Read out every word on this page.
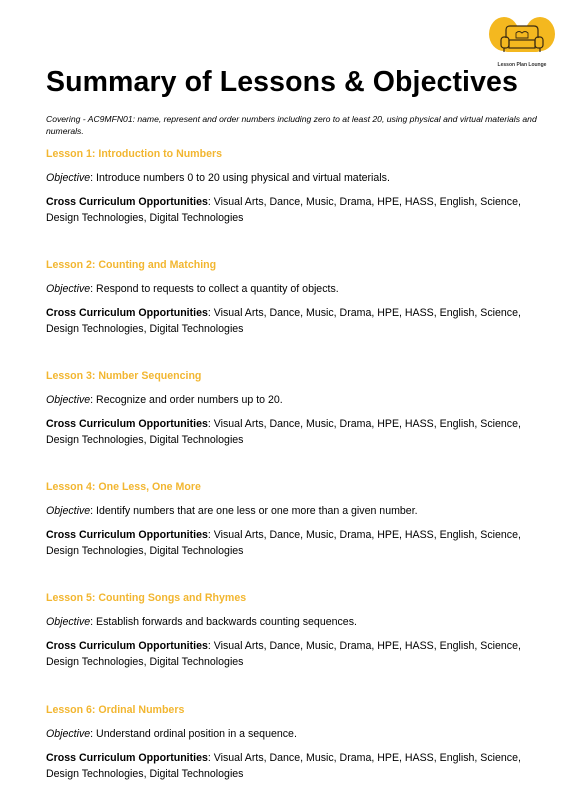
Lesson Plan Lounge
Summary of Lessons & Objectives
Covering - AC9MFN01: name, represent and order numbers including zero to at least 20, using physical and virtual materials and numerals.
Lesson 1: Introduction to Numbers
Objective: Introduce numbers 0 to 20 using physical and virtual materials.
Cross Curriculum Opportunities: Visual Arts, Dance, Music, Drama, HPE, HASS, English, Science, Design Technologies, Digital Technologies
Lesson 2: Counting and Matching
Objective: Respond to requests to collect a quantity of objects.
Cross Curriculum Opportunities: Visual Arts, Dance, Music, Drama, HPE, HASS, English, Science, Design Technologies, Digital Technologies
Lesson 3: Number Sequencing
Objective: Recognize and order numbers up to 20.
Cross Curriculum Opportunities: Visual Arts, Dance, Music, Drama, HPE, HASS, English, Science, Design Technologies, Digital Technologies
Lesson 4: One Less, One More
Objective: Identify numbers that are one less or one more than a given number.
Cross Curriculum Opportunities: Visual Arts, Dance, Music, Drama, HPE, HASS, English, Science, Design Technologies, Digital Technologies
Lesson 5: Counting Songs and Rhymes
Objective: Establish forwards and backwards counting sequences.
Cross Curriculum Opportunities: Visual Arts, Dance, Music, Drama, HPE, HASS, English, Science, Design Technologies, Digital Technologies
Lesson 6: Ordinal Numbers
Objective: Understand ordinal position in a sequence.
Cross Curriculum Opportunities: Visual Arts, Dance, Music, Drama, HPE, HASS, English, Science, Design Technologies, Digital Technologies
